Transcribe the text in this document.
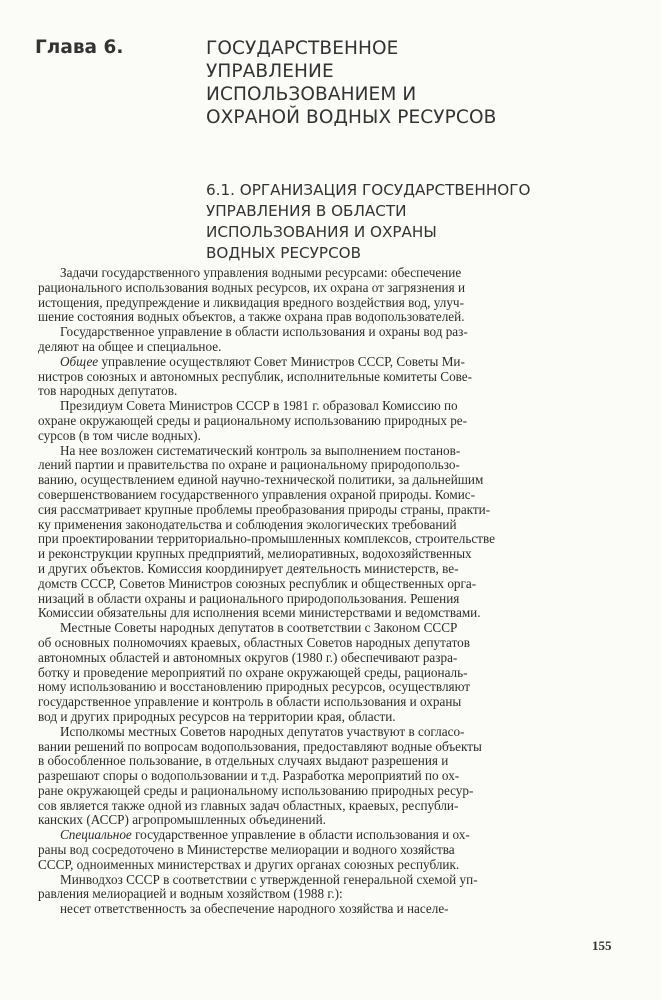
Глава 6.	ГОСУДАРСТВЕННОЕ
УПРАВЛЕНИЕ
ИСПОЛЬЗОВАНИЕМ И
ОХРАНОЙ ВОДНЫХ РЕСУРСОВ
6.1. ОРГАНИЗАЦИЯ ГОСУДАРСТВЕННОГО
УПРАВЛЕНИЯ В ОБЛАСТИ
ИСПОЛЬЗОВАНИЯ И ОХРАНЫ
ВОДНЫХ РЕСУРСОВ
Задачи государственного управления водными ресурсами: обеспечение
рационального использования водных ресурсов, их охрана от загрязнения и
истощения, предупреждение и ликвидация вредного воздействия вод, улуч-
шение состояния водных объектов, а также охрана прав водопользователей.
Государственное управление в области использования и охраны вод раз-
деляют на общее и специальное.
Общее управление осуществляют Совет Министров СССР, Советы Ми-
нистров союзных и автономных республик, исполнительные комитеты Сове-
тов народных депутатов.
Президиум Совета Министров СССР в 1981 г. образовал Комиссию по
охране окружающей среды и рациональному использованию природных ре-
сурсов (в том числе водных).
На нее возложен систематический контроль за выполнением постанов-
лений партии и правительства по охране и рациональному природопользо-
ванию, осуществлением единой научно-технической политики, за дальнейшим
совершенствованием государственного управления охраной природы. Комис-
сия рассматривает крупные проблемы преобразования природы страны, практи-
ку применения законодательства и соблюдения экологических требований
при проектировании территориально-промышленных комплексов, строительстве
и реконструкции крупных предприятий, мелиоративных, водохозяйственных
и других объектов. Комиссия координирует деятельность министерств, ве-
домств СССР, Советов Министров союзных республик и общественных орга-
низаций в области охраны и рационального природопользования. Решения
Комиссии обязательны для исполнения всеми министерствами и ведомствами.
Местные Советы народных депутатов в соответствии с Законом СССР
об основных полномочиях краевых, областных Советов народных депутатов
автономных областей и автономных округов (1980 г.) обеспечивают разра-
ботку и проведение мероприятий по охране окружающей среды, рациональ-
ному использованию и восстановлению природных ресурсов, осуществляют
государственное управление и контроль в области использования и охраны
вод и других природных ресурсов на территории края, области.
Исполкомы местных Советов народных депутатов участвуют в согласо-
вании решений по вопросам водопользования, предоставляют водные объекты
в обособленное пользование, в отдельных случаях выдают разрешения и
разрешают споры о водопользовании и т.д. Разработка мероприятий по ох-
ране окружающей среды и рациональному использованию природных ресур-
сов является также одной из главных задач областных, краевых, республи-
канских (АССР) агропромышленных объединений.
Специальное государственное управление в области использования и ох-
раны вод сосредоточено в Министерстве мелиорации и водного хозяйства
СССР, одноименных министерствах и других органах союзных республик.
Минводхоз СССР в соответствии с утвержденной генеральной схемой уп-
равления мелиорацией и водным хозяйством (1988 г.):
несет ответственность за обеспечение народного хозяйства и населе-
155
